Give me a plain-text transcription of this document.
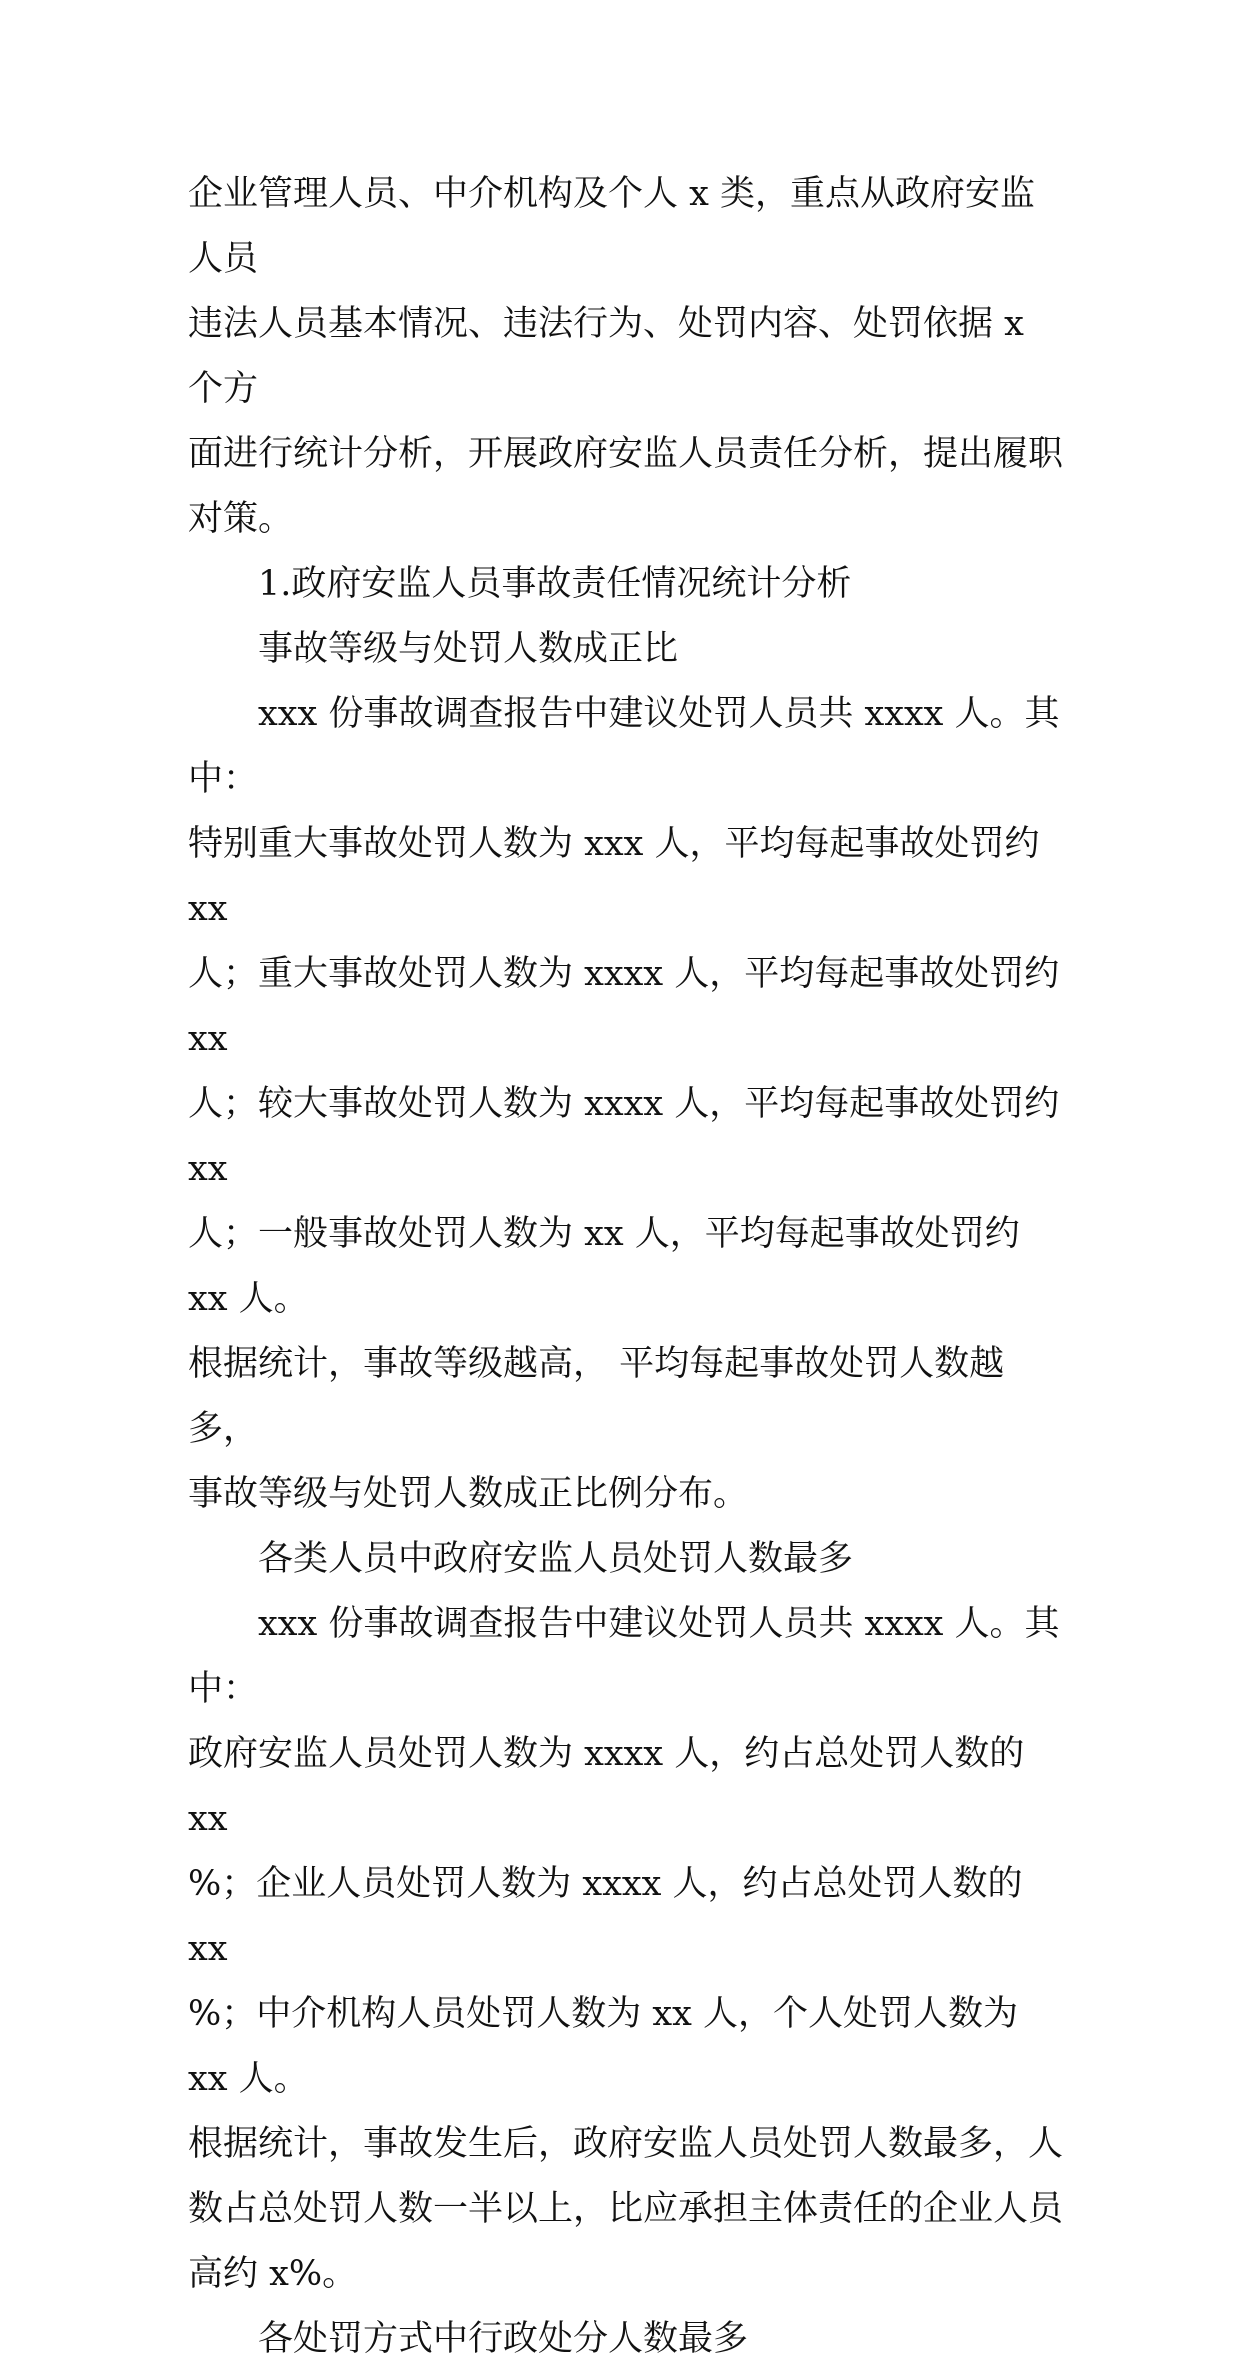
企业管理人员、中介机构及个人 x 类，重点从政府安监人员
违法人员基本情况、违法行为、处罚内容、处罚依据 x 个方
面进行统计分析，开展政府安监人员责任分析，提出履职
对策。

1.政府安监人员事故责任情况统计分析

事故等级与处罚人数成正比

xxx 份事故调查报告中建议处罚人员共 xxxx 人。其中：
特别重大事故处罚人数为 xxx 人，平均每起事故处罚约 xx
人；重大事故处罚人数为 xxxx 人，平均每起事故处罚约 xx
人；较大事故处罚人数为 xxxx 人，平均每起事故处罚约 xx
人；一般事故处罚人数为 xx 人，平均每起事故处罚约 xx 人。
根据统计，事故等级越高， 平均每起事故处罚人数越多，
事故等级与处罚人数成正比例分布。

各类人员中政府安监人员处罚人数最多

xxx 份事故调查报告中建议处罚人员共 xxxx 人。其中：
政府安监人员处罚人数为 xxxx 人，约占总处罚人数的 xx
%；企业人员处罚人数为 xxxx 人，约占总处罚人数的 xx
%；中介机构人员处罚人数为 xx 人，个人处罚人数为 xx 人。
根据统计，事故发生后，政府安监人员处罚人数最多，人
数占总处罚人数一半以上，比应承担主体责任的企业人员
高约 x%。

各处罚方式中行政处分人数最多
